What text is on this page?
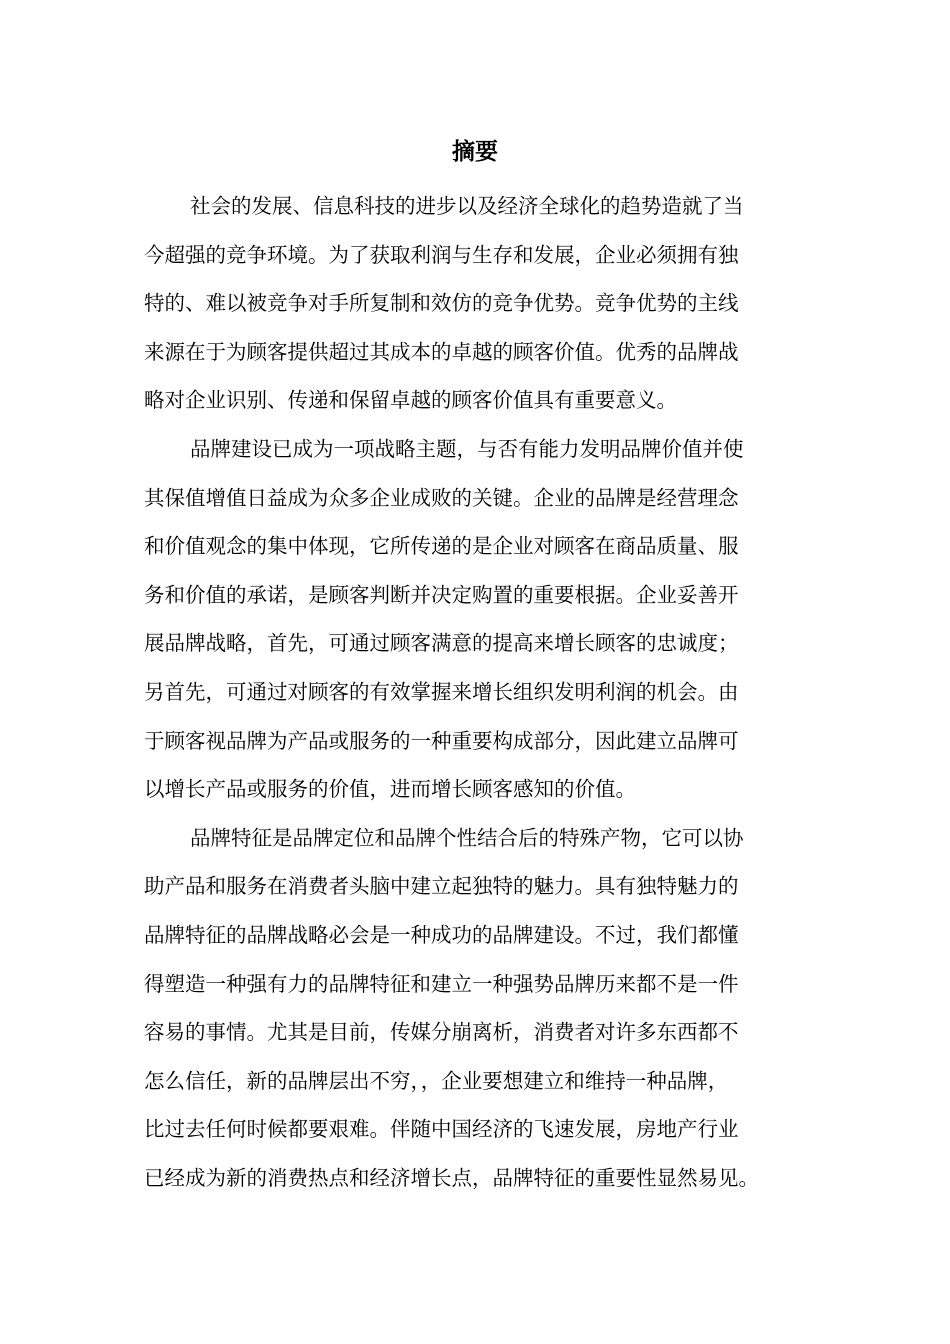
摘要
社会的发展、信息科技的进步以及经济全球化的趋势造就了当
今超强的竞争环境。为了获取利润与生存和发展，企业必须拥有独
特的、难以被竞争对手所复制和效仿的竞争优势。竞争优势的主线
来源在于为顾客提供超过其成本的卓越的顾客价值。优秀的品牌战
略对企业识别、传递和保留卓越的顾客价值具有重要意义。
品牌建设已成为一项战略主题，与否有能力发明品牌价值并使
其保值增值日益成为众多企业成败的关键。企业的品牌是经营理念
和价值观念的集中体现，它所传递的是企业对顾客在商品质量、服
务和价值的承诺，是顾客判断并决定购置的重要根据。企业妥善开
展品牌战略，首先，可通过顾客满意的提高来增长顾客的忠诚度；
另首先，可通过对顾客的有效掌握来增长组织发明利润的机会。由
于顾客视品牌为产品或服务的一种重要构成部分，因此建立品牌可
以增长产品或服务的价值，进而增长顾客感知的价值。
品牌特征是品牌定位和品牌个性结合后的特殊产物，它可以协
助产品和服务在消费者头脑中建立起独特的魅力。具有独特魅力的
品牌特征的品牌战略必会是一种成功的品牌建设。不过，我们都懂
得塑造一种强有力的品牌特征和建立一种强势品牌历来都不是一件
容易的事情。尤其是目前，传媒分崩离析，消费者对许多东西都不
怎么信任，新的品牌层出不穷，，企业要想建立和维持一种品牌，
比过去任何时候都要艰难。伴随中国经济的飞速发展，房地产行业
已经成为新的消费热点和经济增长点，品牌特征的重要性显然易见。
